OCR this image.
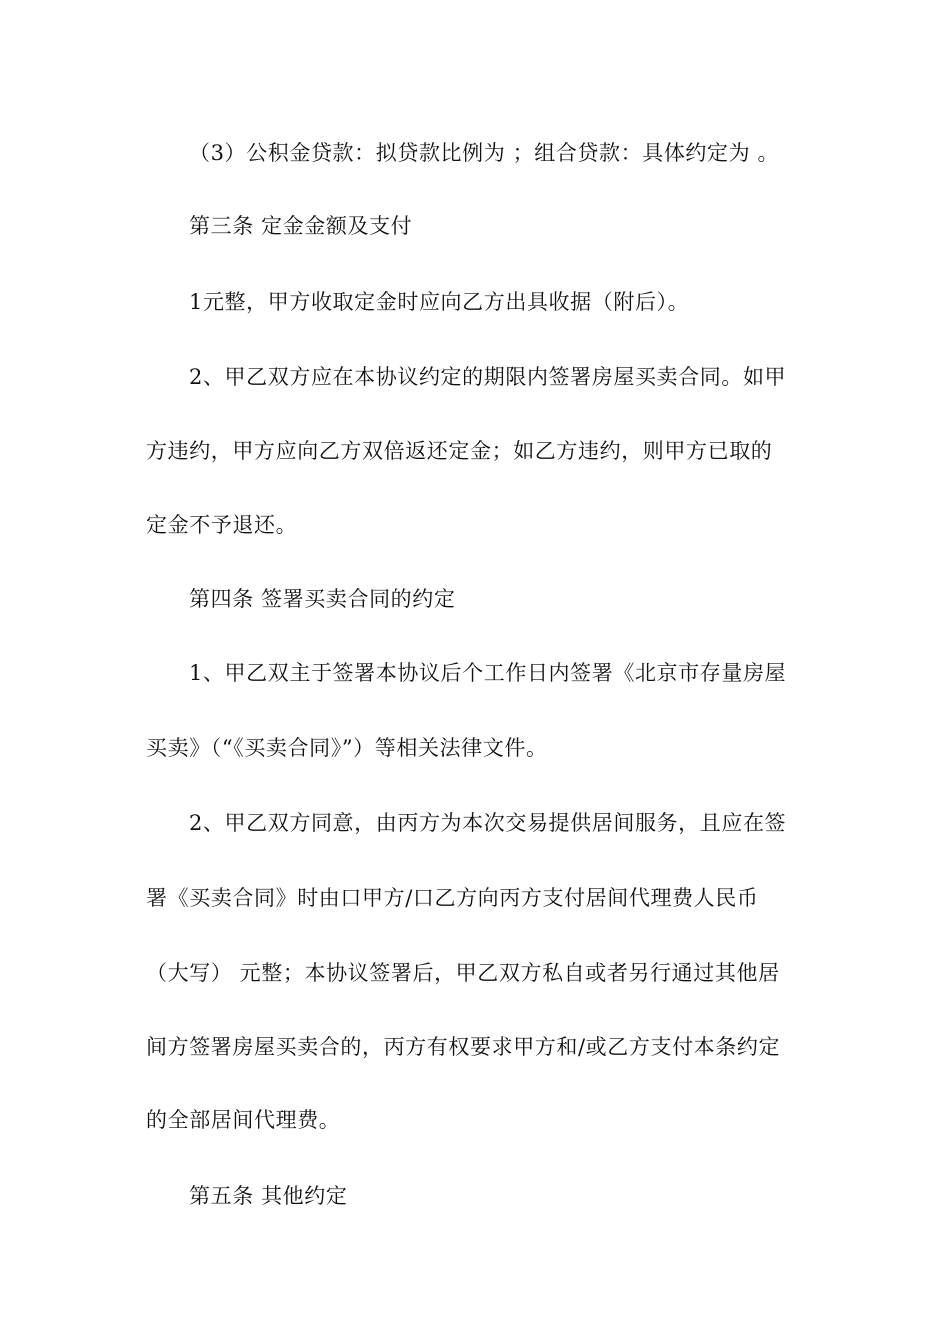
（3）公积金贷款：拟贷款比例为 ；组合贷款：具体约定为 。
第三条 定金金额及支付
1元整，甲方收取定金时应向乙方出具收据（附后）。
2、甲乙双方应在本协议约定的期限内签署房屋买卖合同。如甲
方违约，甲方应向乙方双倍返还定金；如乙方违约，则甲方已取的
定金不予退还。
第四条 签署买卖合同的约定
1、甲乙双主于签署本协议后个工作日内签署《北京市存量房屋
买卖》（“《买卖合同》”）等相关法律文件。
2、甲乙双方同意，由丙方为本次交易提供居间服务，且应在签
署《买卖合同》时由口甲方/口乙方向丙方支付居间代理费人民币
（大写） 元整；本协议签署后，甲乙双方私自或者另行通过其他居
间方签署房屋买卖合的，丙方有权要求甲方和/或乙方支付本条约定
的全部居间代理费。
第五条 其他约定
